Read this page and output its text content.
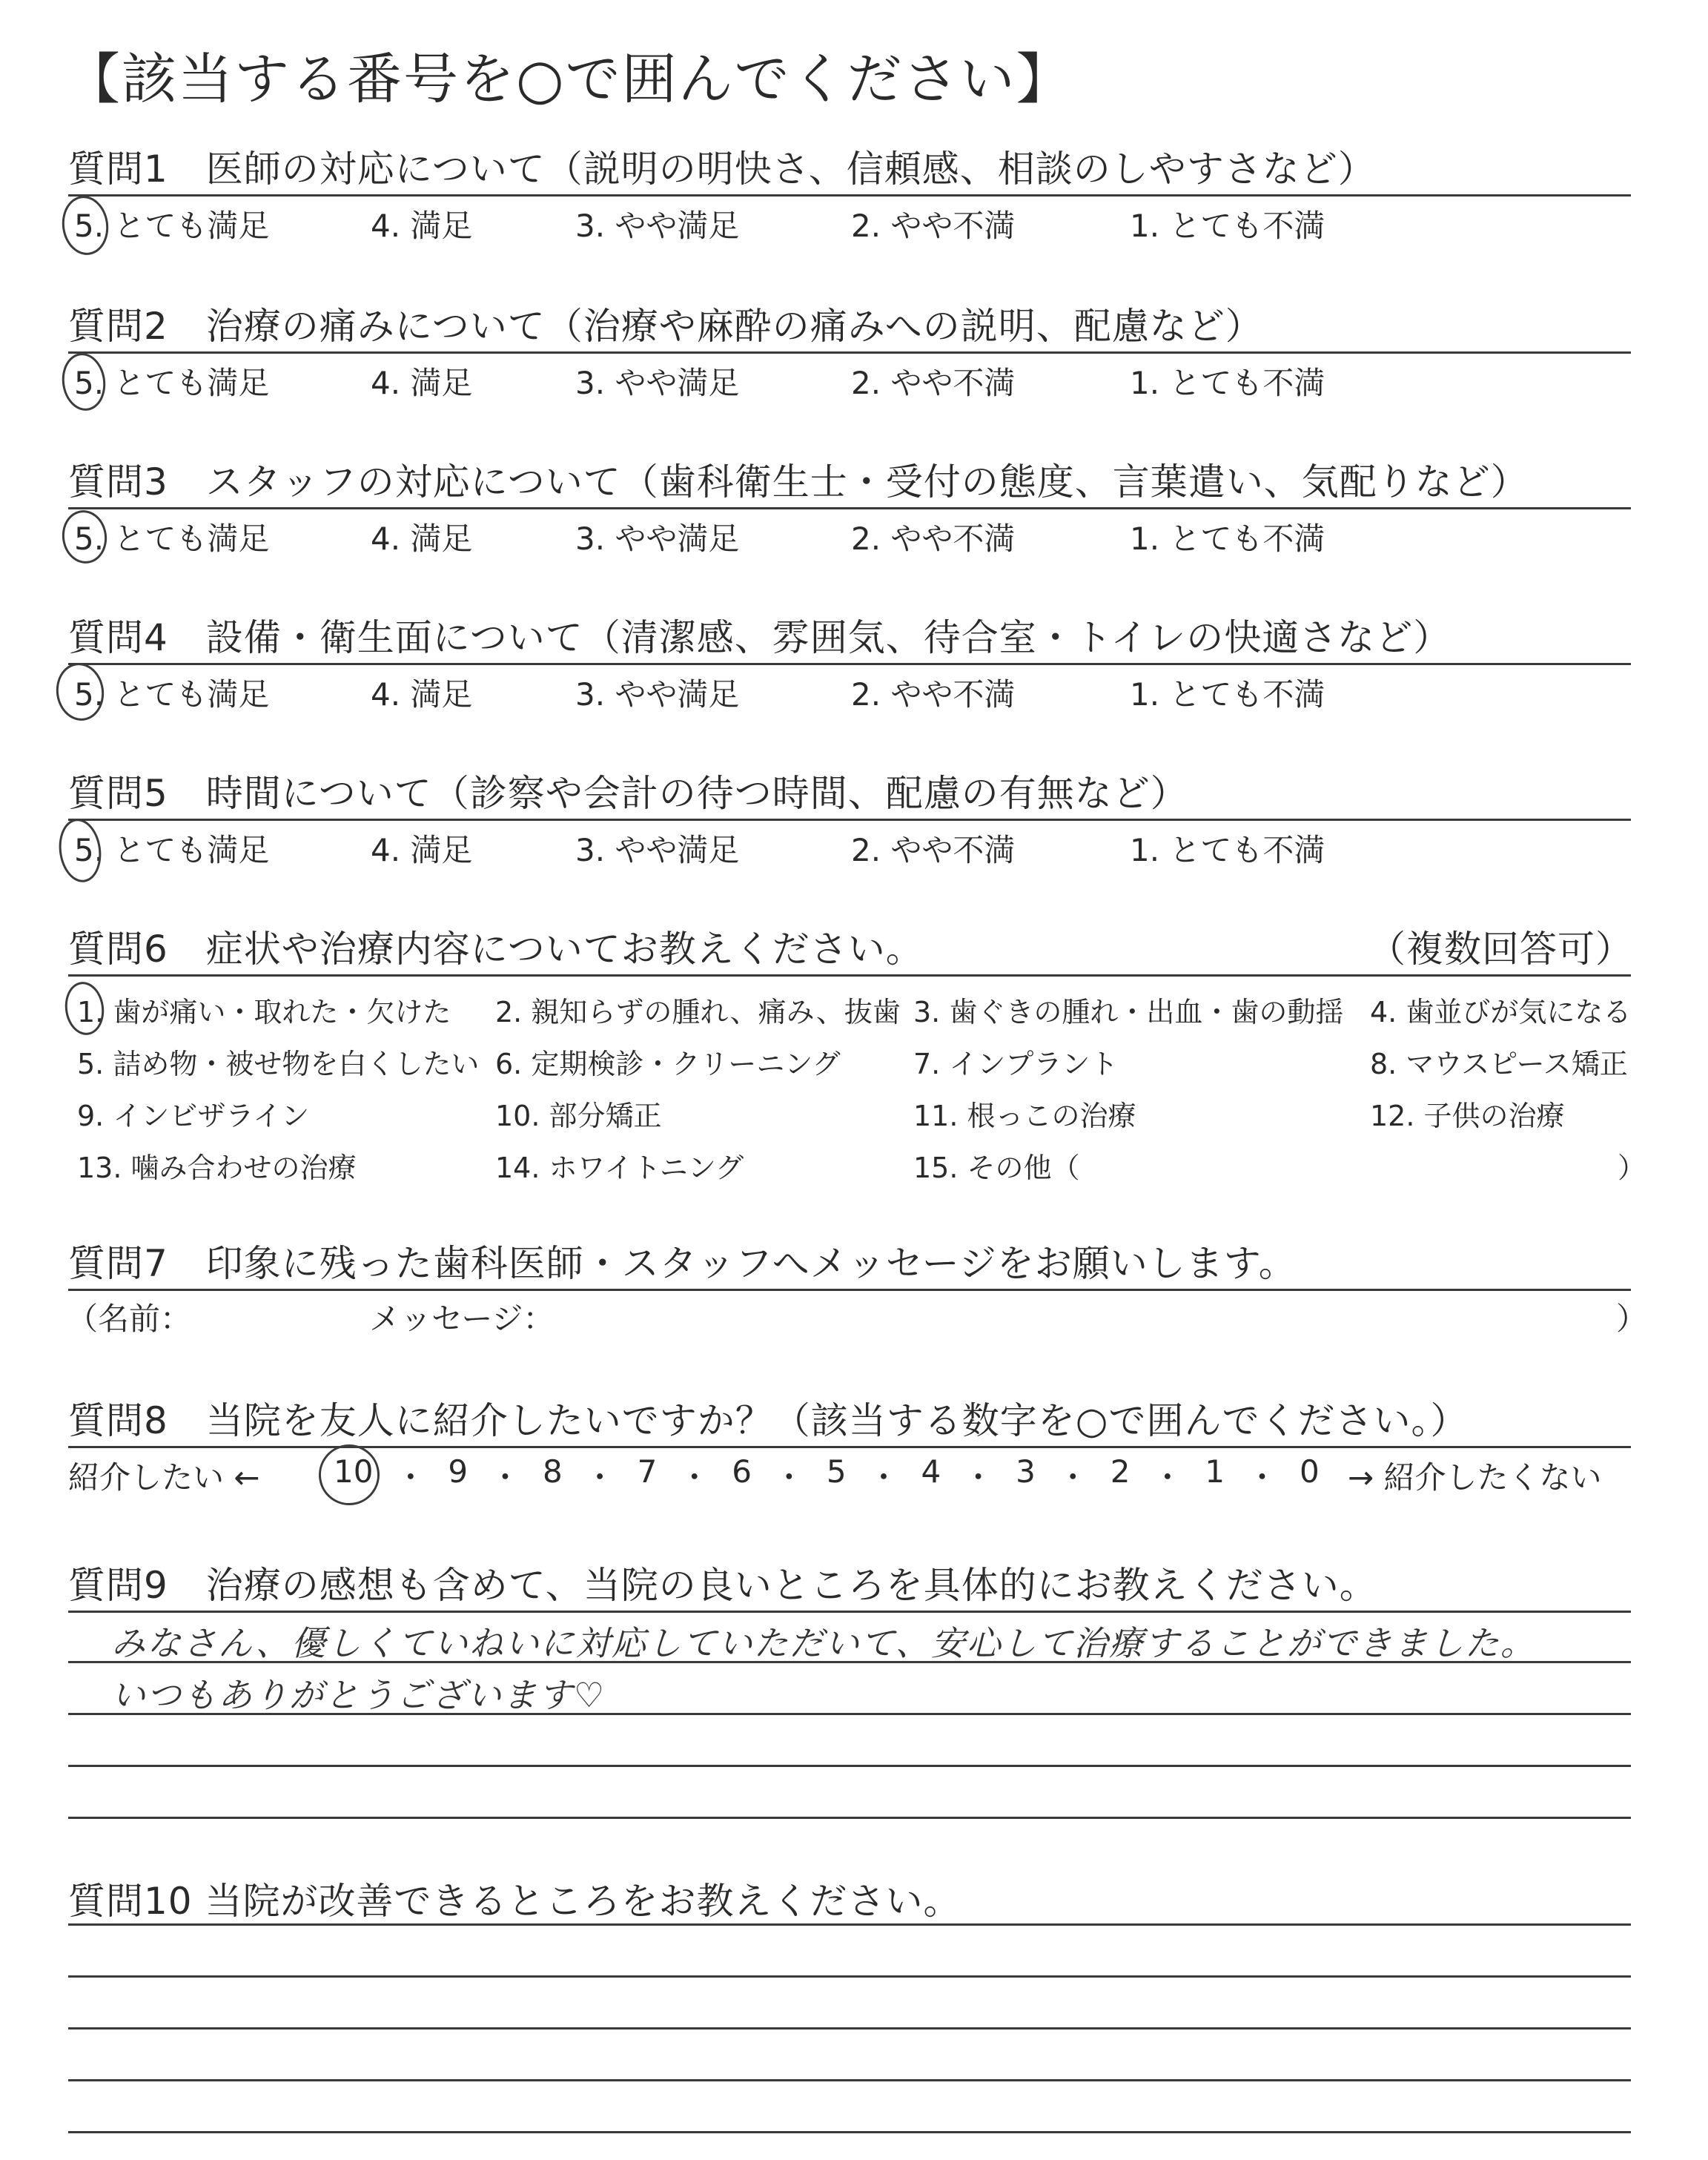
【該当する番号を○で囲んでください】
質問1　医師の対応について（説明の明快さ、信頼感、相談のしやすさなど）
5. とても満足	4. 満足	3. やや満足	2. やや不満	1. とても不満
質問2　治療の痛みについて（治療や麻酔の痛みへの説明、配慮など）
5. とても満足	4. 満足	3. やや満足	2. やや不満	1. とても不満
質問3　スタッフの対応について（歯科衛生士・受付の態度、言葉遣い、気配りなど）
5. とても満足	4. 満足	3. やや満足	2. やや不満	1. とても不満
質問4　設備・衛生面について（清潔感、雰囲気、待合室・トイレの快適さなど）
5. とても満足	4. 満足	3. やや満足	2. やや不満	1. とても不満
質問5　時間について（診察や会計の待つ時間、配慮の有無など）
5. とても満足	4. 満足	3. やや満足	2. やや不満	1. とても不満
質問6　症状や治療内容についてお教えください。	（複数回答可）
1. 歯が痛い・取れた・欠けた 2. 親知らずの腫れ、痛み、抜歯 3. 歯ぐきの腫れ・出血・歯の動揺 4. 歯並びが気になる
5. 詰め物・被せ物を白くしたい 6. 定期検診・クリーニング	7. インプラント	8. マウスピース矯正
9. インビザライン	10. 部分矯正	11. 根っこの治療	12. 子供の治療
13. 噛み合わせの治療	14. ホワイトニング	15. その他（	）
質問7　印象に残った歯科医師・スタッフへメッセージをお願いします。
（名前：	メッセージ：	）
質問8　当院を友人に紹介したいですか？（該当する数字を○で囲んでください。）
紹介したい ←	→ 紹介したくない
10 ・ 9 ・ 8 ・ 7 ・ 6 ・ 5 ・ 4 ・ 3 ・ 2 ・ 1 ・ 0
質問9　治療の感想も含めて、当院の良いところを具体的にお教えください。
みなさん、優しくていねいに対応していただいて、安心して治療することができました。
いつもありがとうございます♡
質問10 当院が改善できるところをお教えください。
